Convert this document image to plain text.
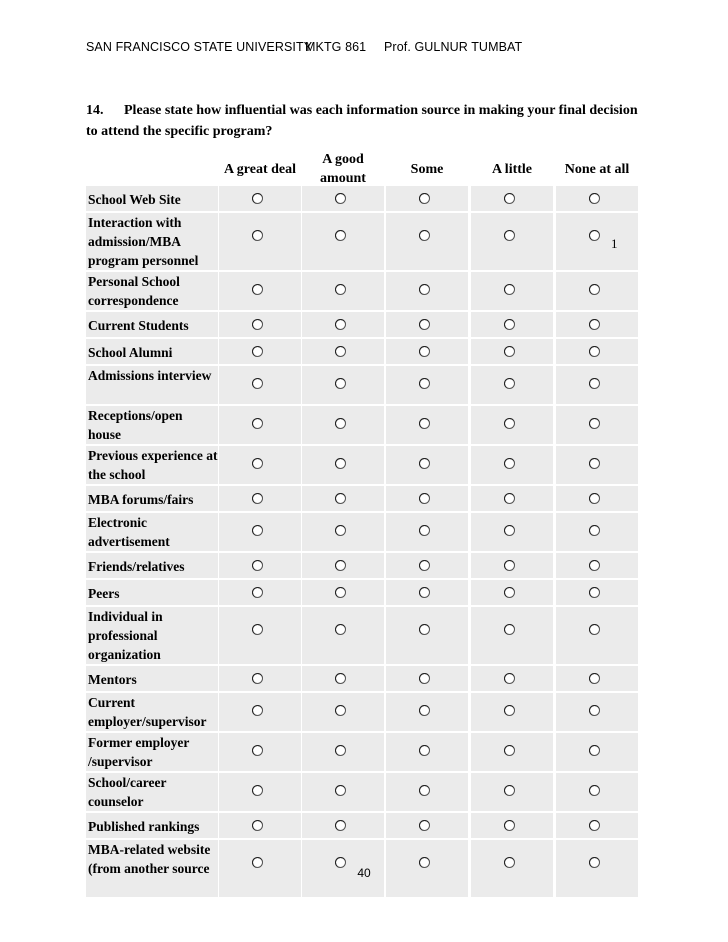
SAN FRANCISCO STATE UNIVERSITY
MKTG 861 Prof. GULNUR TUMBAT
14. Please state how influential was each information source in making your final decision to attend the specific program?
A great deal
A good amount
Some	A little	None at all
School Web Site
Interaction with admission/MBA program personnel
Personal School correspondence
Current Students
School Alumni
Admissions interview
Receptions/open house
Previous experience at the school
MBA forums/fairs
Electronic advertisement
Friends/relatives
Peers
Individual in professional organization
Mentors
Current employer/supervisor
Former employer /supervisor
School/career counselor
Published rankings
MBA-related website (from another source
1
40
